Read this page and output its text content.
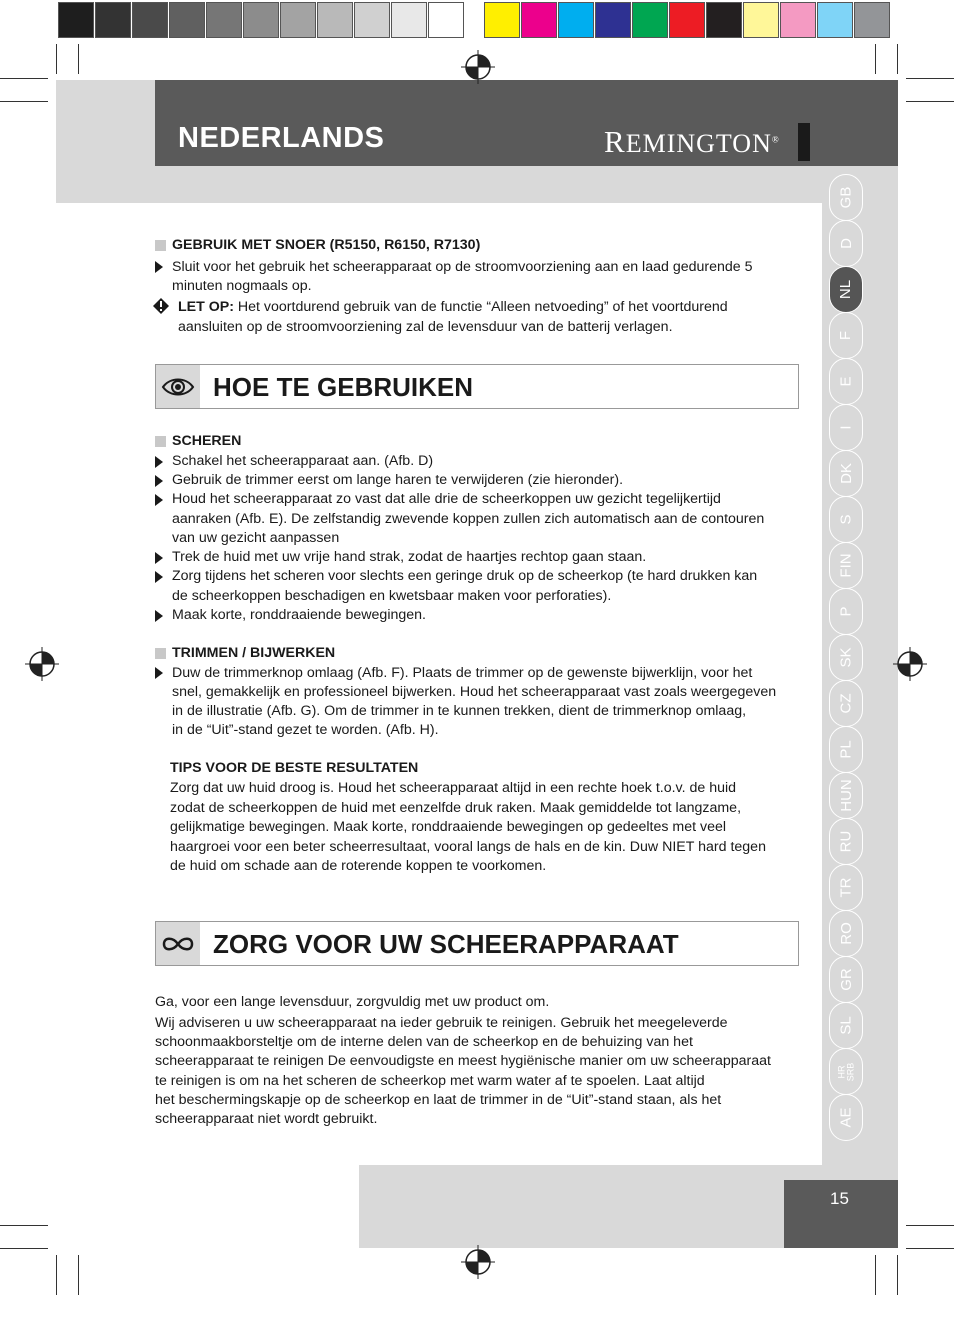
NEDERLANDS	REMINGTON®
GB
D
NL
F
E
I
DK
S
FIN
P
SK
CZ
PL
HUN
RU
TR
RO
GR
SL
HR
SRB
AE
GEBRUIK MET SNOER (R5150, R6150, R7130)
Sluit voor het gebruik het scheerapparaat op de stroomvoorziening aan en laad gedurende 5
minuten nogmaals op.
LET OP: Het voortdurend gebruik van de functie “Alleen netvoeding” of het voortdurend
aansluiten op de stroomvoorziening zal de levensduur van de batterij verlagen.
HOE TE GEBRUIKEN
SCHEREN
Schakel het scheerapparaat aan. (Afb. D)
Gebruik de trimmer eerst om lange haren te verwijderen (zie hieronder).
Houd het scheerapparaat zo vast dat alle drie de scheerkoppen uw gezicht tegelijkertijd
aanraken (Afb. E). De zelfstandig zwevende koppen zullen zich automatisch aan de contouren
van uw gezicht aanpassen
Trek de huid met uw vrije hand strak, zodat de haartjes rechtop gaan staan.
Zorg tijdens het scheren voor slechts een geringe druk op de scheerkop (te hard drukken kan
de scheerkoppen beschadigen en kwetsbaar maken voor perforaties).
Maak korte, ronddraaiende bewegingen.
TRIMMEN / BIJWERKEN
Duw de trimmerknop omlaag (Afb. F). Plaats de trimmer op de gewenste bijwerklijn, voor het
snel, gemakkelijk en professioneel bijwerken. Houd het scheerapparaat vast zoals weergegeven
in de illustratie (Afb. G). Om de trimmer in te kunnen trekken, dient de trimmerknop omlaag,
in de “Uit”-stand gezet te worden. (Afb. H).
TIPS VOOR DE BESTE RESULTATEN
Zorg dat uw huid droog is. Houd het scheerapparaat altijd in een rechte hoek t.o.v. de huid
zodat de scheerkoppen de huid met eenzelfde druk raken. Maak gemiddelde tot langzame,
gelijkmatige bewegingen. Maak korte, ronddraaiende bewegingen op gedeeltes met veel
haargroei voor een beter scheerresultaat, vooral langs de hals en de kin. Duw NIET hard tegen
de huid om schade aan de roterende koppen te voorkomen.
ZORG VOOR UW SCHEERAPPARAAT
Ga, voor een lange levensduur, zorgvuldig met uw product om.
Wij adviseren u uw scheerapparaat na ieder gebruik te reinigen. Gebruik het meegeleverde
schoonmaakborsteltje om de interne delen van de scheerkop en de behuizing van het
scheerapparaat te reinigen De eenvoudigste en meest hygiënische manier om uw scheerapparaat
te reinigen is om na het scheren de scheerkop met warm water af te spoelen. Laat altijd
het beschermingskapje op de scheerkop en laat de trimmer in de “Uit”-stand staan, als het
scheerapparaat niet wordt gebruikt.
15
